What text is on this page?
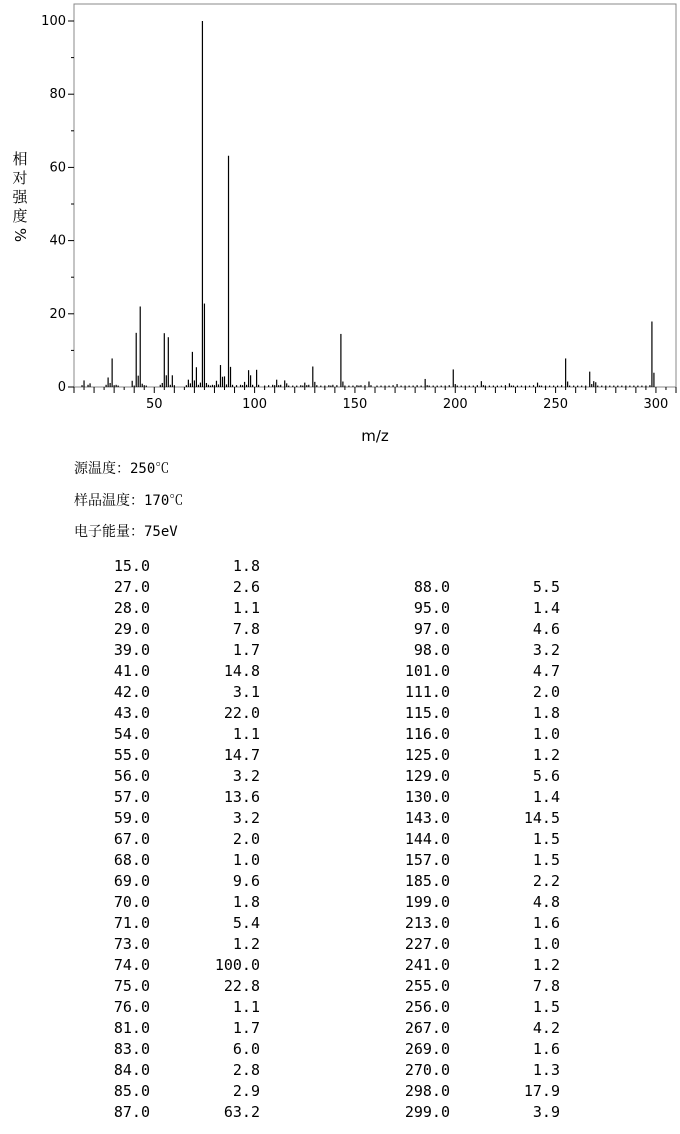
0
20
40
60
80
100
50	100	150	200	250	300
相
对
强
度
%
m/z
源温度：250℃
样品温度：170℃
电子能量：75eV
15.0	1.8
27.0	2.6
28.0	1.1
29.0	7.8
39.0	1.7
41.0	14.8
42.0	3.1
43.0	22.0
54.0	1.1
55.0	14.7
56.0	3.2
57.0	13.6
59.0	3.2
67.0	2.0
68.0	1.0
69.0	9.6
70.0	1.8
71.0	5.4
73.0	1.2
74.0	100.0
75.0	22.8
76.0	1.1
81.0	1.7
83.0	6.0
84.0	2.8
85.0	2.9
87.0	63.2
88.0	5.5
95.0	1.4
97.0	4.6
98.0	3.2
101.0	4.7
111.0	2.0
115.0	1.8
116.0	1.0
125.0	1.2
129.0	5.6
130.0	1.4
143.0	14.5
144.0	1.5
157.0	1.5
185.0	2.2
199.0	4.8
213.0	1.6
227.0	1.0
241.0	1.2
255.0	7.8
256.0	1.5
267.0	4.2
269.0	1.6
270.0	1.3
298.0	17.9
299.0	3.9
